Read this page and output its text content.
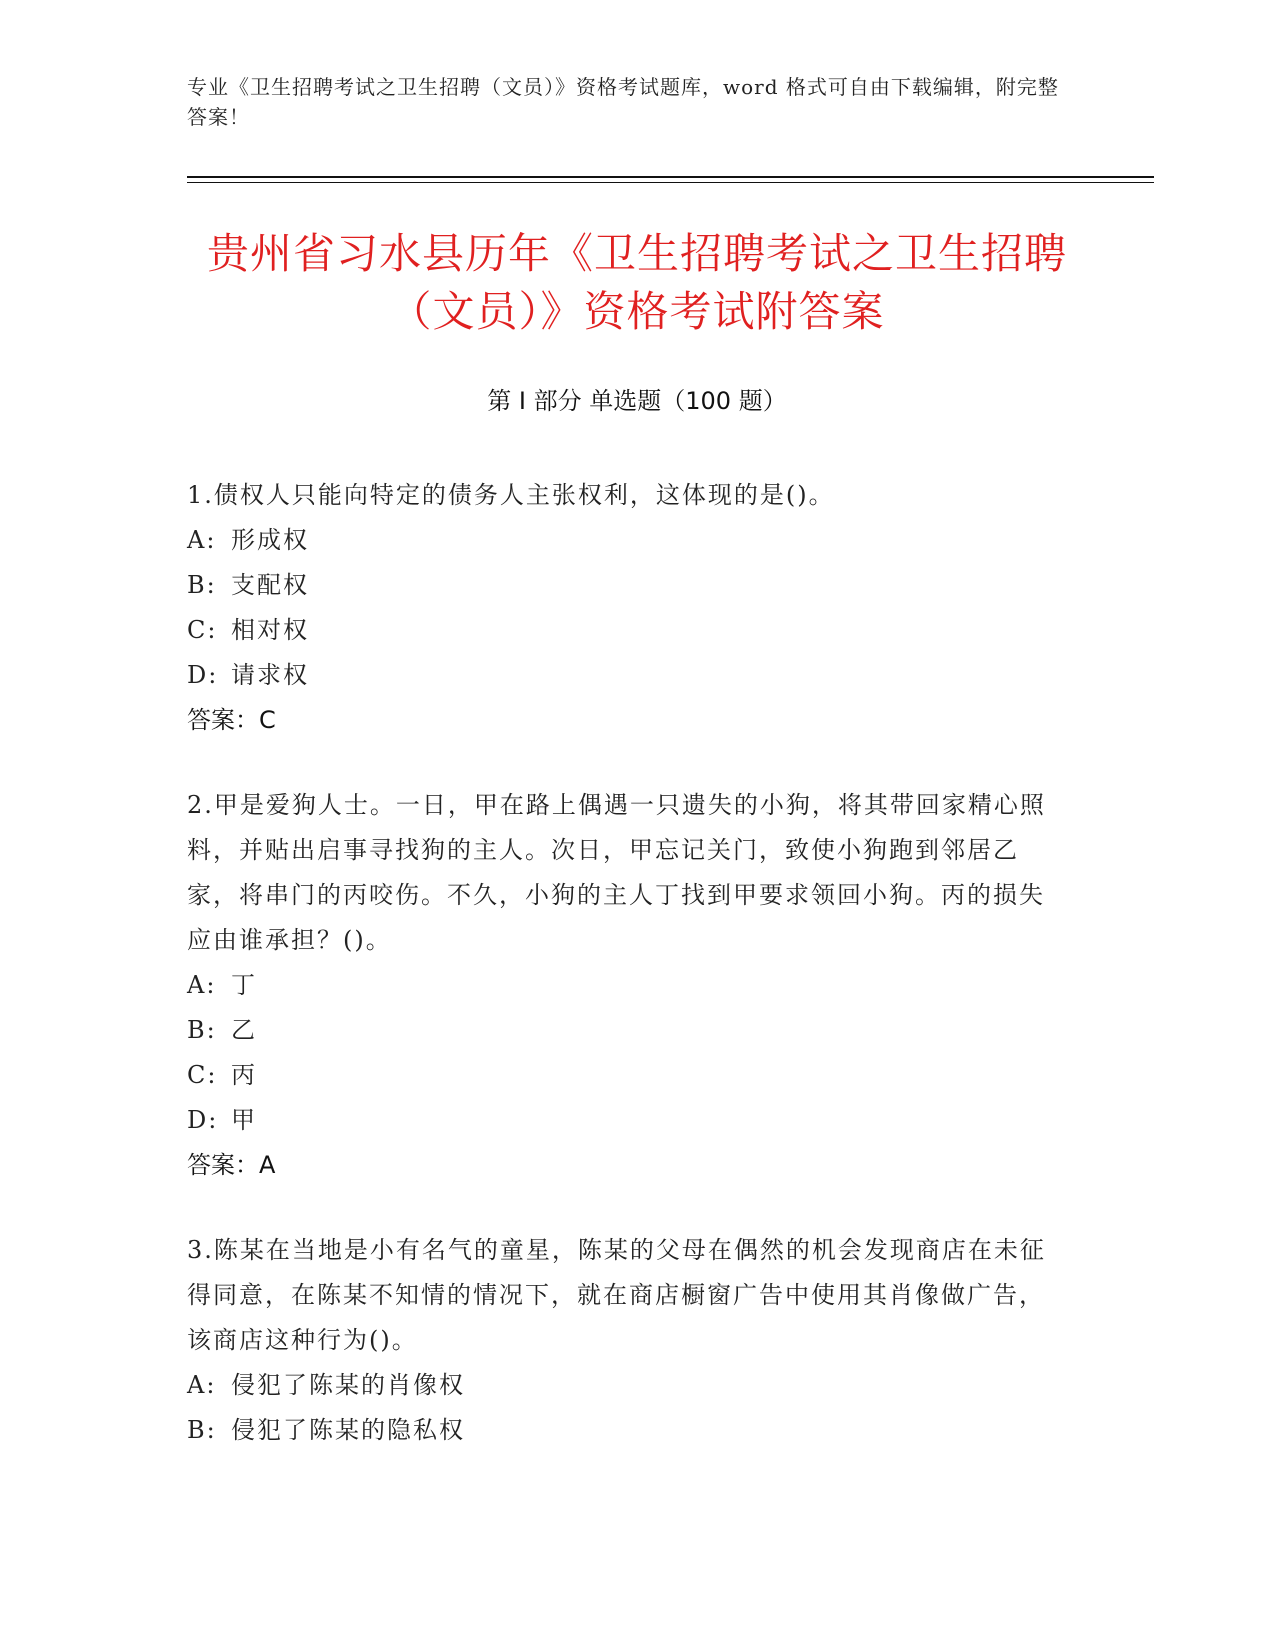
专业《卫生招聘考试之卫生招聘（文员）》资格考试题库，word 格式可自由下载编辑，附完整答案！
贵州省习水县历年《卫生招聘考试之卫生招聘（文员）》资格考试附答案
第 I 部分 单选题（100 题）
1.债权人只能向特定的债务人主张权利，这体现的是()。
A: 形成权
B: 支配权
C: 相对权
D: 请求权
答案：C
2.甲是爱狗人士。一日，甲在路上偶遇一只遗失的小狗，将其带回家精心照料，并贴出启事寻找狗的主人。次日，甲忘记关门，致使小狗跑到邻居乙家，将串门的丙咬伤。不久，小狗的主人丁找到甲要求领回小狗。丙的损失应由谁承担？()。
A: 丁
B: 乙
C: 丙
D: 甲
答案：A
3.陈某在当地是小有名气的童星，陈某的父母在偶然的机会发现商店在未征得同意，在陈某不知情的情况下，就在商店橱窗广告中使用其肖像做广告，该商店这种行为()。
A: 侵犯了陈某的肖像权
B: 侵犯了陈某的隐私权
